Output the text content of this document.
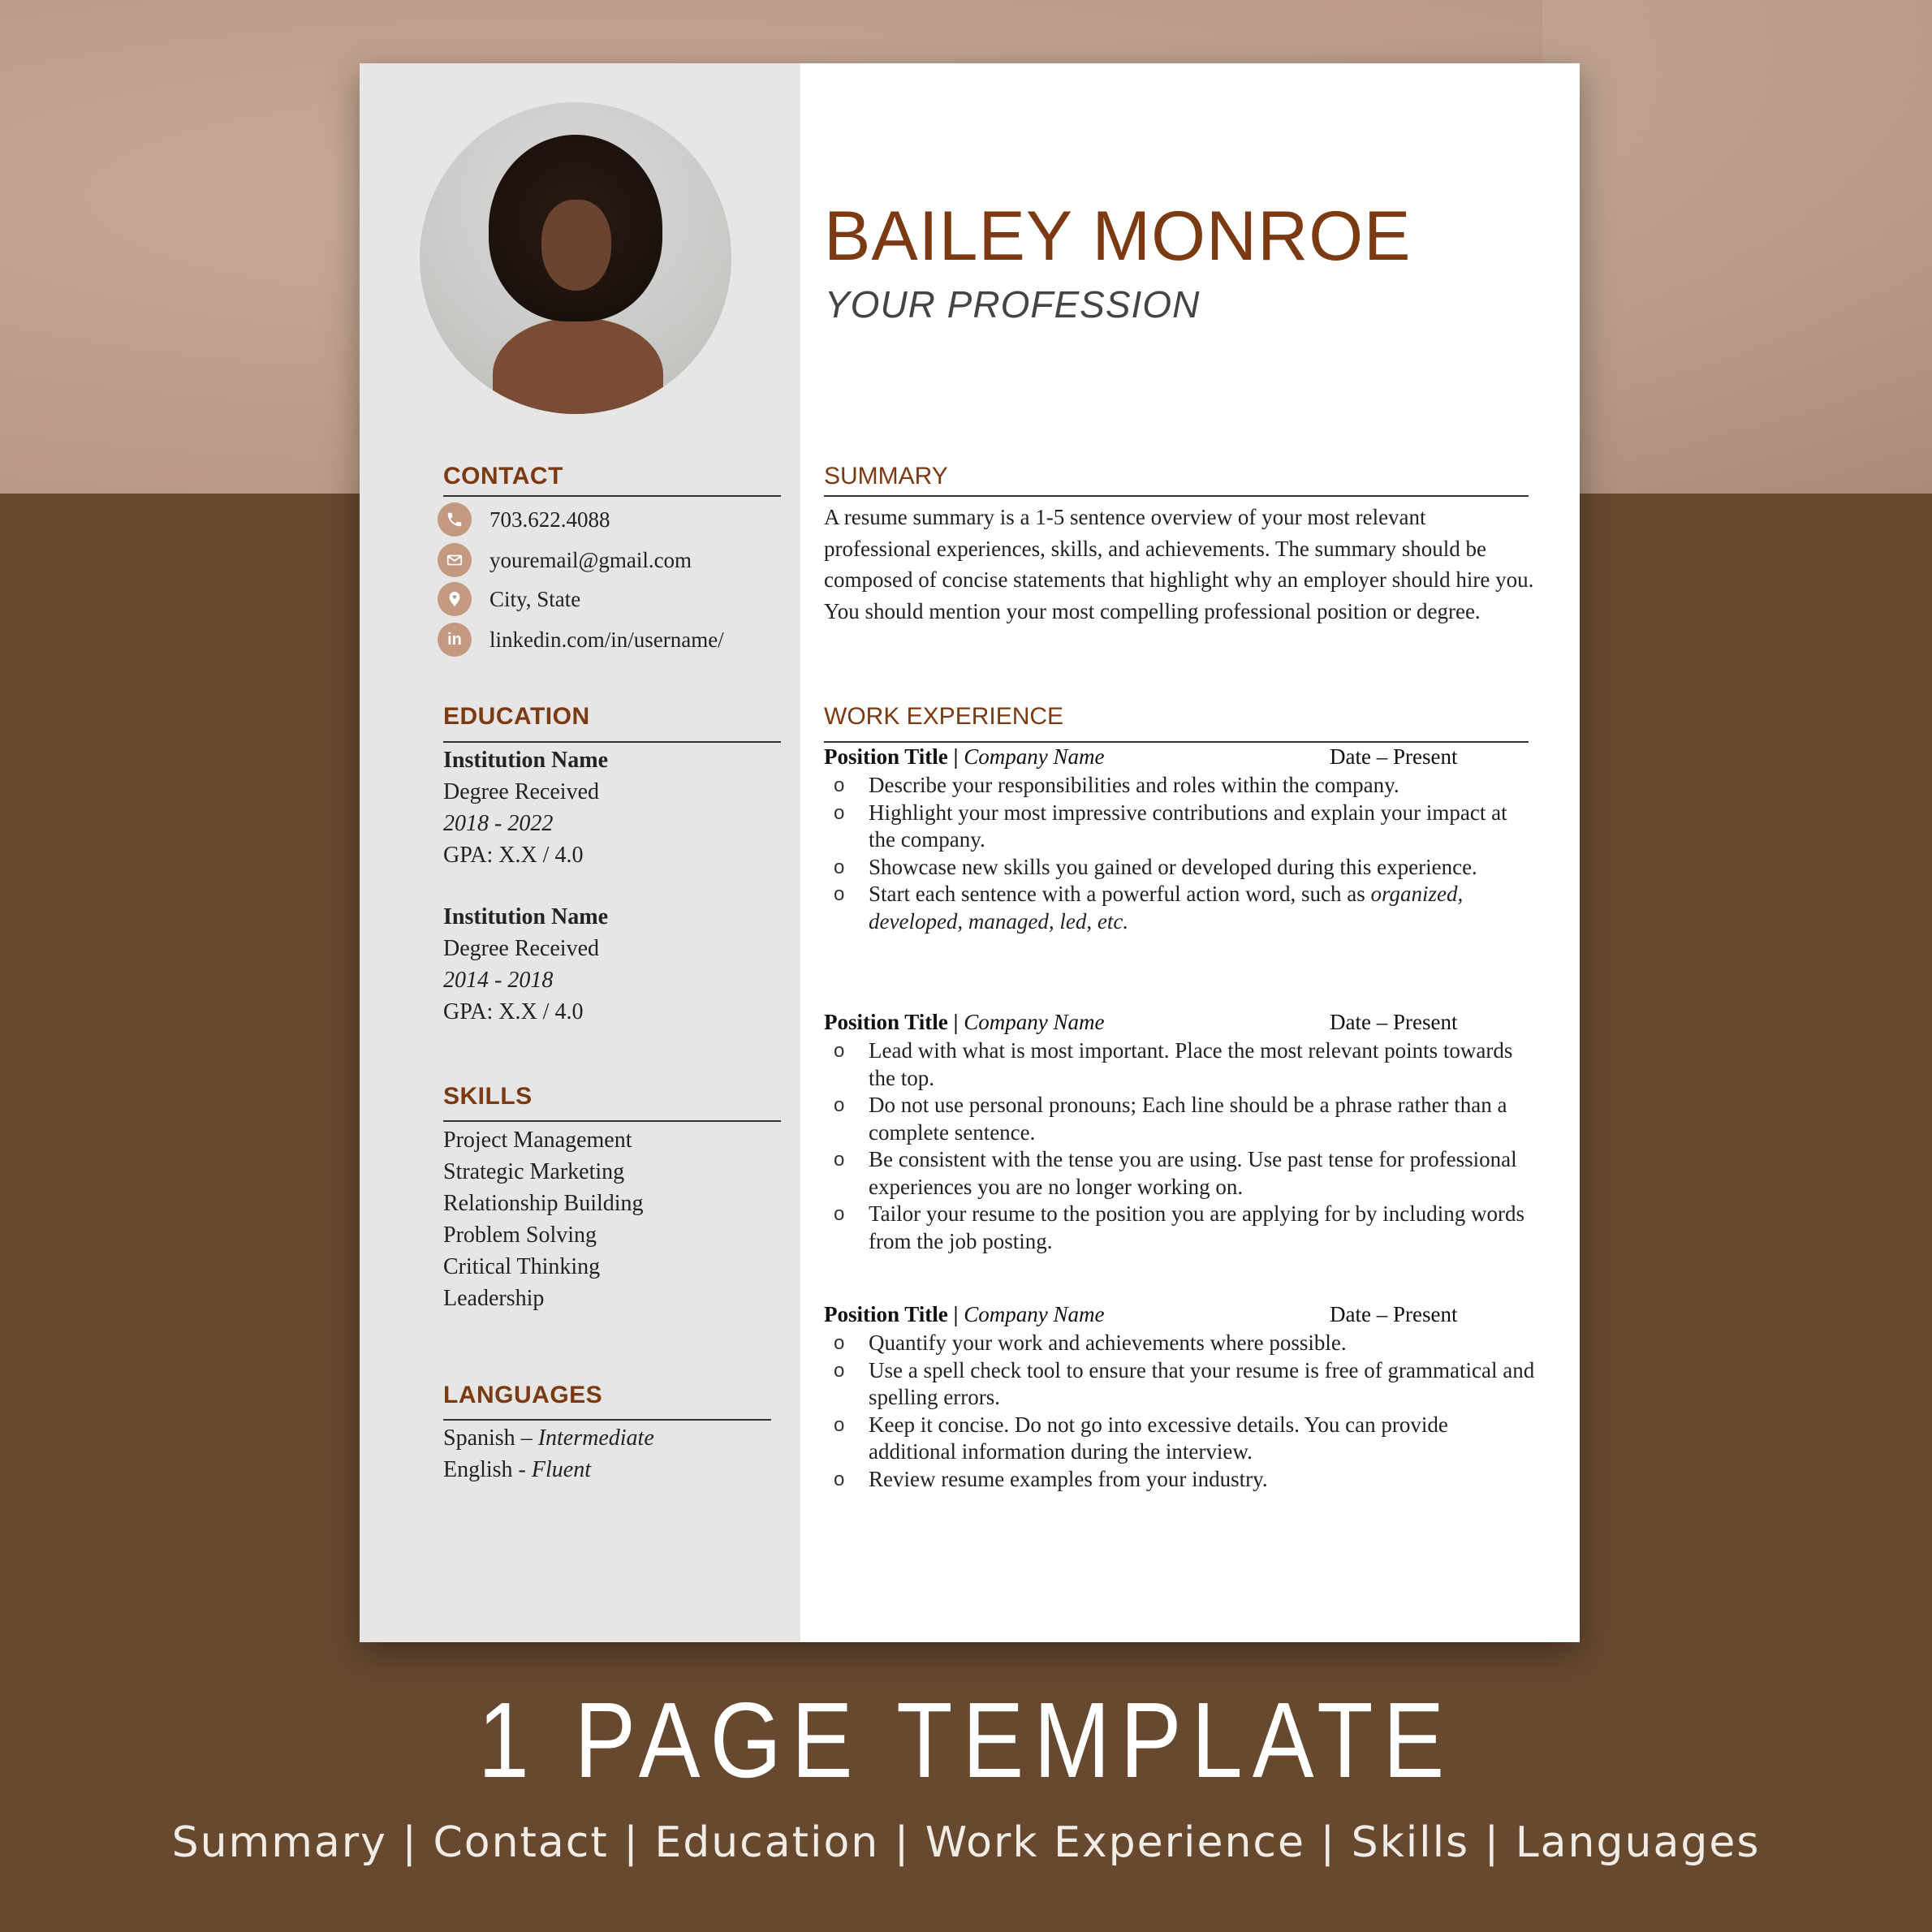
CONTACT
703.622.4088
youremail@gmail.com
City, State
in	linkedin.com/in/username/
EDUCATION
Institution Name
Degree Received
2018 - 2022
GPA: X.X / 4.0
Institution Name
Degree Received
2014 - 2018
GPA: X.X / 4.0
SKILLS
Project Management
Strategic Marketing
Relationship Building
Problem Solving
Critical Thinking
Leadership
LANGUAGES
Spanish – Intermediate
English - Fluent
BAILEY MONROE
YOUR PROFESSION
SUMMARY
A resume summary is a 1-5 sentence overview of your most relevant professional experiences, skills, and achievements. The summary should be composed of concise statements that highlight why an employer should hire you. You should mention your most compelling professional position or degree.
WORK EXPERIENCE
Position Title | Company Name	Date – Present
o Describe your responsibilities and roles within the company.
o Highlight your most impressive contributions and explain your impact at the company.
o Showcase new skills you gained or developed during this experience.
o Start each sentence with a powerful action word, such as organized, developed, managed, led, etc.
Position Title | Company Name	Date – Present
o Lead with what is most important. Place the most relevant points towards the top.
o Do not use personal pronouns; Each line should be a phrase rather than a complete sentence.
o Be consistent with the tense you are using. Use past tense for professional experiences you are no longer working on.
o Tailor your resume to the position you are applying for by including words from the job posting.
Position Title | Company Name	Date – Present
o Quantify your work and achievements where possible.
o Use a spell check tool to ensure that your resume is free of grammatical and spelling errors.
o Keep it concise. Do not go into excessive details. You can provide additional information during the interview.
o Review resume examples from your industry.
1 PAGE TEMPLATE
Summary | Contact | Education | Work Experience | Skills | Languages
